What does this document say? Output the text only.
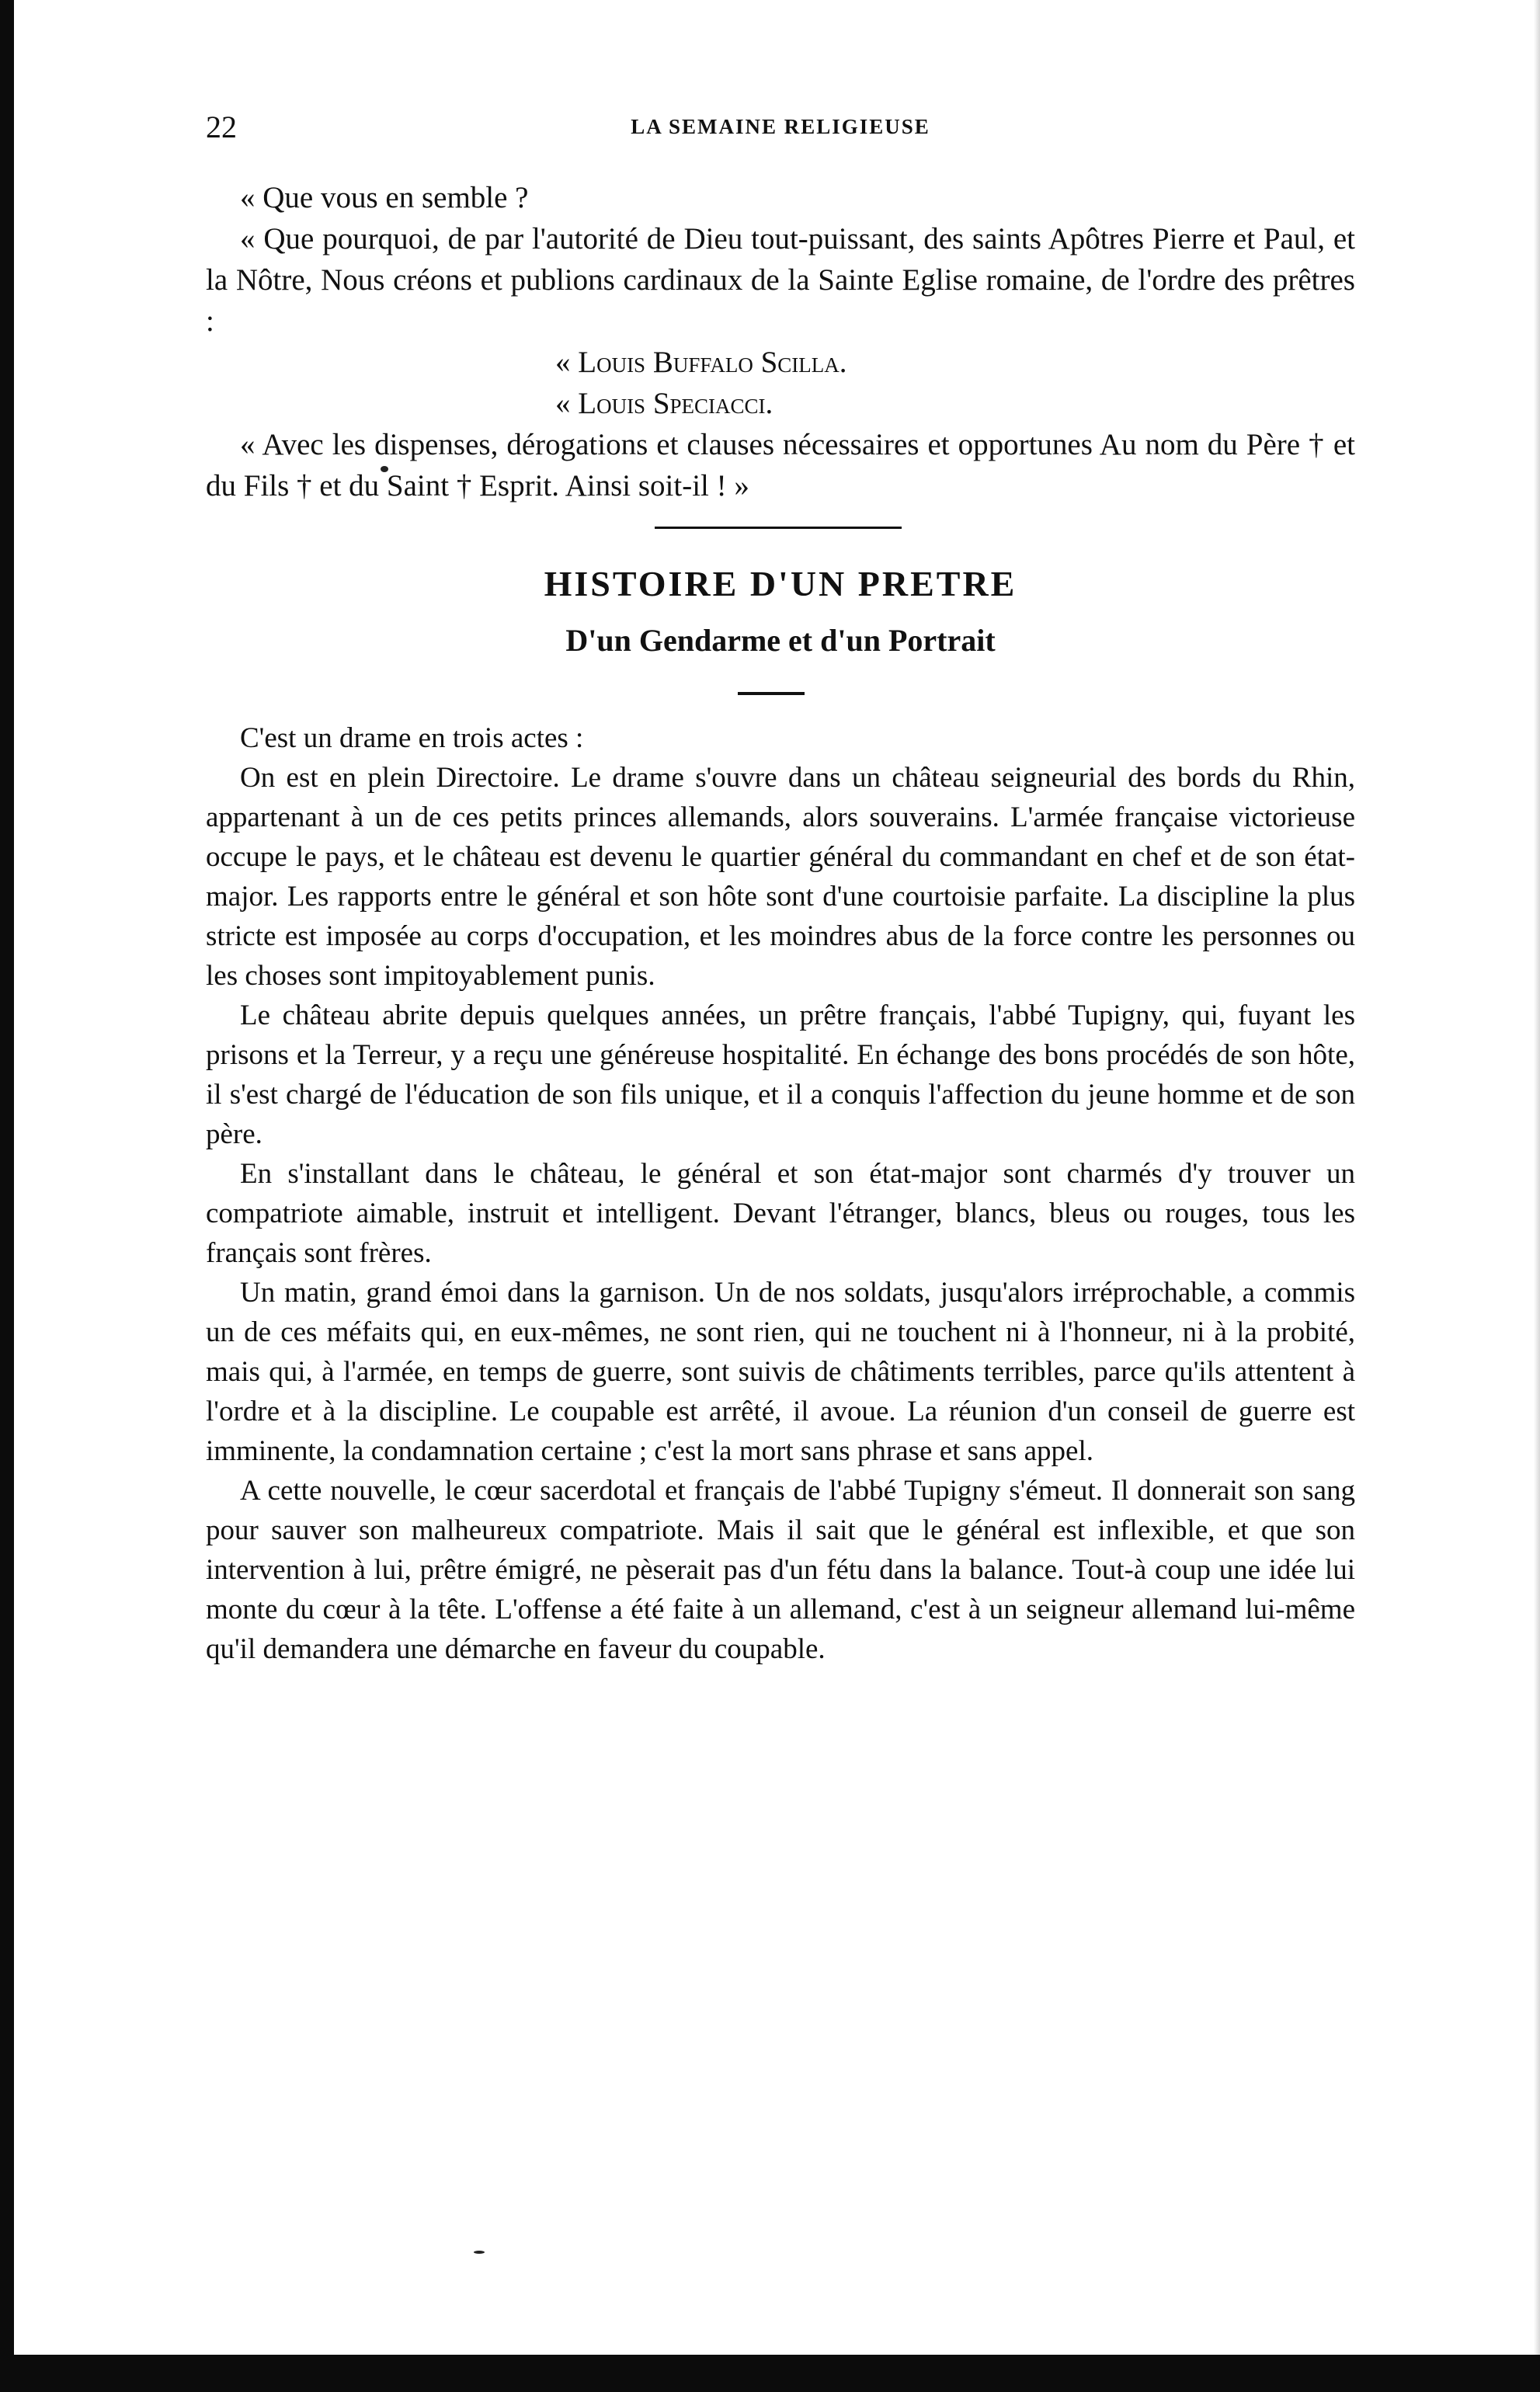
22	LA SEMAINE RELIGIEUSE

« Que vous en semble ?

« Que pourquoi, de par l'autorité de Dieu tout-puissant, des saints Apôtres Pierre et Paul, et la Nôtre, Nous créons et publions cardinaux de la Sainte Eglise romaine, de l'ordre des prêtres :

« Louis Buffalo Scilla.

« Louis Speciacci.

« Avec les dispenses, dérogations et clauses nécessaires et opportunes Au nom du Père † et du Fils † et du Saint † Esprit. Ainsi soit-il ! »

HISTOIRE D'UN PRETRE
D'un Gendarme et d'un Portrait

C'est un drame en trois actes :

On est en plein Directoire. Le drame s'ouvre dans un château seigneurial des bords du Rhin, appartenant à un de ces petits princes allemands, alors souverains. L'armée française victorieuse occupe le pays, et le château est devenu le quartier général du commandant en chef et de son état-major. Les rapports entre le général et son hôte sont d'une courtoisie parfaite. La discipline la plus stricte est imposée au corps d'occupation, et les moindres abus de la force contre les personnes ou les choses sont impitoyablement punis.

Le château abrite depuis quelques années, un prêtre français, l'abbé Tupigny, qui, fuyant les prisons et la Terreur, y a reçu une généreuse hospitalité. En échange des bons procédés de son hôte, il s'est chargé de l'éducation de son fils unique, et il a conquis l'affection du jeune homme et de son père.

En s'installant dans le château, le général et son état-major sont charmés d'y trouver un compatriote aimable, instruit et intelligent. Devant l'étranger, blancs, bleus ou rouges, tous les français sont frères.

Un matin, grand émoi dans la garnison. Un de nos soldats, jusqu'alors irréprochable, a commis un de ces méfaits qui, en eux-mêmes, ne sont rien, qui ne touchent ni à l'honneur, ni à la probité, mais qui, à l'armée, en temps de guerre, sont suivis de châtiments terribles, parce qu'ils attentent à l'ordre et à la discipline. Le coupable est arrêté, il avoue. La réunion d'un conseil de guerre est imminente, la condamnation certaine ; c'est la mort sans phrase et sans appel.

A cette nouvelle, le cœur sacerdotal et français de l'abbé Tupigny s'émeut. Il donnerait son sang pour sauver son malheureux compatriote. Mais il sait que le général est inflexible, et que son intervention à lui, prêtre émigré, ne pèserait pas d'un fétu dans la balance. Tout-à coup une idée lui monte du cœur à la tête. L'offense a été faite à un allemand, c'est à un seigneur allemand lui-même qu'il demandera une démarche en faveur du coupable.
